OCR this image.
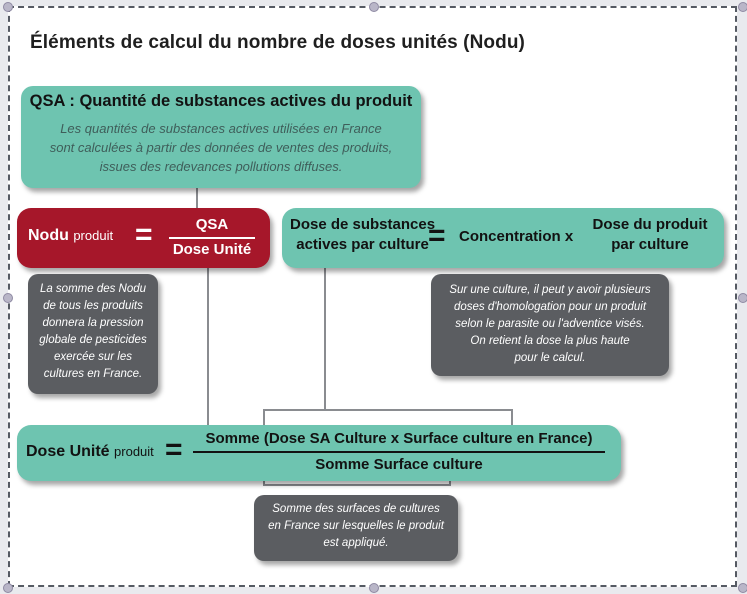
Éléments de calcul du nombre de doses unités (Nodu)
QSA : Quantité de substances actives du produit
Les quantités de substances actives utilisées en France
sont calculées à partir des données de ventes des produits,
issues des redevances pollutions diffuses.
Nodu produit =	QSA
Dose Unité
Dose de substances
actives par culture = Concentration x
Dose du produit
par culture
La somme des Nodu
de tous les produits
donnera la pression
globale de pesticides
exercée sur les
cultures en France.
Sur une culture, il peut y avoir plusieurs
doses d'homologation pour un produit
selon le parasite ou l'adventice visés.
On retient la dose la plus haute
pour le calcul.
Dose Unité produit =	Somme (Dose SA Culture x Surface culture en France)
Somme Surface culture
Somme des surfaces de cultures
en France sur lesquelles le produit
est appliqué.
